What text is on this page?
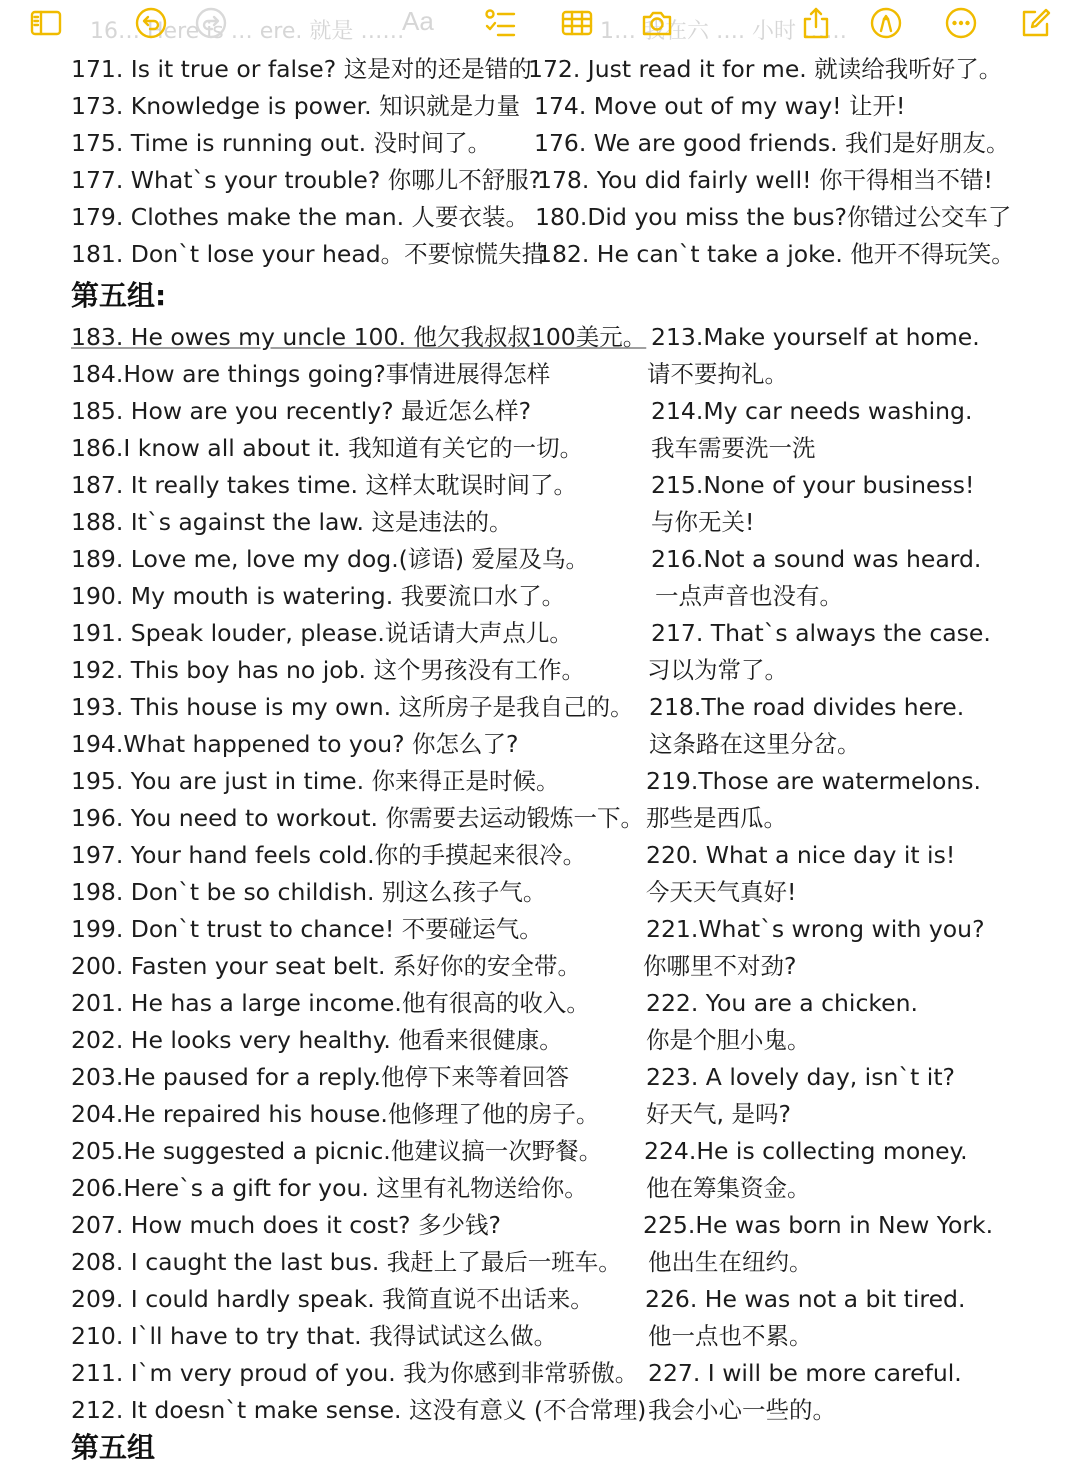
171. Is it true or false? 这是对的还是错的
172. Just read it for me. 就读给我听好了。
173. Knowledge is power. 知识就是力量 174. Move out of my way! 让开!
175. Time is running out. 没时间了。 176. We are good friends. 我们是好朋友。
177. What`s your trouble? 你哪儿不舒服?
178. You did fairly well! 你干得相当不错!
179. Clothes make the man. 人要衣装。 180.Did you miss the bus?你错过公交车了
181. Don`t lose your head。不要惊慌失措
182. He can`t take a joke. 他开不得玩笑。
第五组:
183. He owes my uncle 100. 他欠我叔叔100美元。
184.How are things going?事情进展得怎样
185. How are you recently? 最近怎么样?
186.I know all about it. 我知道有关它的一切。
187. It really takes time. 这样太耽误时间了。
188. It`s against the law. 这是违法的。
189. Love me, love my dog.(谚语) 爱屋及乌。
190. My mouth is watering. 我要流口水了。
191. Speak louder, please.说话请大声点儿。
192. This boy has no job. 这个男孩没有工作。
193. This house is my own. 这所房子是我自己的。
194.What happened to you? 你怎么了?
195. You are just in time. 你来得正是时候。
196. You need to workout. 你需要去运动锻炼一下。
197. Your hand feels cold.你的手摸起来很冷。
198. Don`t be so childish. 别这么孩子气。
199. Don`t trust to chance! 不要碰运气。
200. Fasten your seat belt. 系好你的安全带。
201. He has a large income.他有很高的收入。
202. He looks very healthy. 他看来很健康。
203.He paused for a reply.他停下来等着回答
204.He repaired his house.他修理了他的房子。
205.He suggested a picnic.他建议搞一次野餐。
206.Here`s a gift for you. 这里有礼物送给你。
207. How much does it cost? 多少钱?
208. I caught the last bus. 我赶上了最后一班车。
209. I could hardly speak. 我简直说不出话来。
210. I`ll have to try that. 我得试试这么做。
211. I`m very proud of you. 我为你感到非常骄傲。
212. It doesn`t make sense. 这没有意义 (不合常理)
213.Make yourself at home.
请不要拘礼。
214.My car needs washing.
我车需要洗一洗
215.None of your business!
与你无关!
216.Not a sound was heard.
一点声音也没有。
217. That`s always the case.
习以为常了。
218.The road divides here.
这条路在这里分岔。
219.Those are watermelons.
那些是西瓜。
220. What a nice day it is!
今天天气真好!
221.What`s wrong with you?
你哪里不对劲?
222. You are a chicken.
你是个胆小鬼。
223. A lovely day, isn`t it?
好天气, 是吗?
224.He is collecting money.
他在筹集资金。
225.He was born in New York.
他出生在纽约。
226. He was not a bit tired.
他一点也不累。
227. I will be more careful.
我会小心一些的。
第五组
16… Here is … ere. 就是 ……	1… 我在六 …. 小时 ……
Aa
